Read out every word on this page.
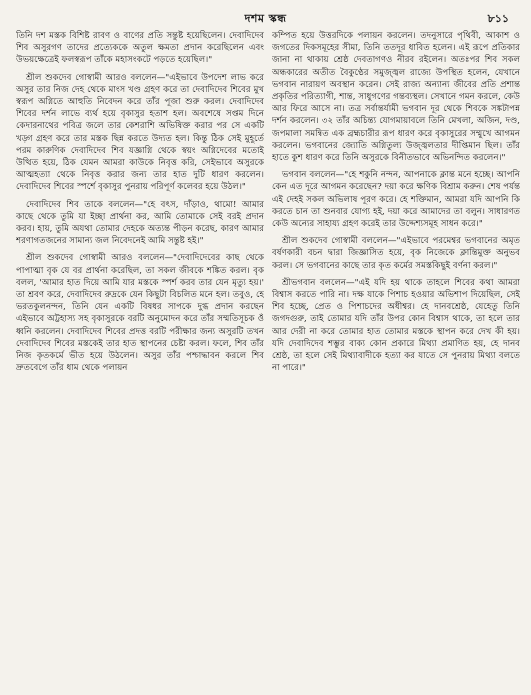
দশম স্কন্ধ	৮১১

তিনি দশ মস্তক বিশিষ্ট রাবণ ও বাণের প্রতি সন্তুষ্ট হয়েছিলেন। দেবাদিদেব শিব অসুরগণ তাদের প্রত্যেককে অতুল ক্ষমতা প্রদান করেছিলেন এবং উভয়ক্ষেত্রেই ফলস্বরূপ তাঁকে মহাসংকটে পড়তে হয়েছিল।"

শ্রীল শুকদেব গোস্বামী আরও বললেন—"এইভাবে উপদেশ লাভ করে অসুর তার নিজ দেহ থেকে মাংস খণ্ড গ্রহণ করে তা দেবাদিদেব শিবের মুখ স্বরূপ অগ্নিতে আহুতি নিবেদন করে তাঁর পূজা শুরু করল। দেবাদিদেব শিবের দর্শন লাভে ব্যর্থ হয়ে বৃকাসুর হতাশ হল। অবশেষে সপ্তম দিনে কেদারনাথের পবিত্র জলে তার কেশরাশি অভিষিক্ত করার পর সে একটি খড়্গ গ্রহণ করে তার মস্তক ছিন্ন করতে উদ্যত হল। কিন্তু ঠিক সেই মুহূর্তে পরম কারুণিক দেবাদিদেব শিব যজ্ঞাগ্নি থেকে স্বয়ং অগ্নিদেবের মতোই উত্থিত হয়ে, ঠিক যেমন আমরা কাউকে নিবৃত্ত করি, সেইভাবে অসুরকে আত্মহত্যা থেকে নিবৃত্ত করার জন্য তার হাত দুটি ধারণ করলেন। দেবাদিদেব শিবের স্পর্শে বৃকাসুর পুনরায় পরিপূর্ণ কলেবর হয়ে উঠল।"

দেবাদিদেব শিব তাকে বললেন—"হে বৎস, দাঁড়াও, থামো! আমার কাছে থেকে তুমি যা ইচ্ছা প্রার্থনা কর, আমি তোমাকে সেই বরই প্রদান করব। হায়, তুমি অযথা তোমার দেহকে অত্যন্ত পীড়ন করেছ, কারণ আমার শরণাগতজনের সামান্য জল নিবেদনেই আমি সন্তুষ্ট হই।"

শ্রীল শুকদেব গোস্বামী আরও বললেন—"দেবাদিদেবের কাছ থেকে পাপাত্মা বৃক যে বর প্রার্থনা করেছিল, তা সকল জীবকে শঙ্কিত করল। বৃক বলল, 'আমার হাত দিয়ে আমি যার মস্তকে স্পর্শ করব তার যেন মৃত্যু হয়।' তা শ্রবণ করে, দেবাদিদেব রুদ্রকে যেন কিছুটা বিচলিত মনে হল। তবুও, হে ভরতকুলনন্দন, তিনি যেন একটি বিষধর সাপকে দুগ্ধ প্রদান করছেন এইভাবে অট্টহাস্য সহ বৃকাসুরকে বরটি অনুমোদন করে তাঁর সম্মতিসূচক ওঁ ধ্বনি করলেন। দেবাদিদেব শিবের প্রদত্ত বরটি পরীক্ষার জন্য অসুরটি তখন দেবাদিদেব শিবের মস্তকেই তার হাত স্থাপনের চেষ্টা করল। ফলে, শিব তাঁর নিজ কৃতকর্মে ভীত হয়ে উঠলেন। অসুর তাঁর পশ্চাদ্ধাবন করলে শিব দ্রুতবেগে তাঁর ধাম থেকে পলায়ন

কম্পিত হয়ে উত্তরদিকে পলায়ন করলেন। তদনুসারে পৃথিবী, আকাশ ও জগতের দিকসমূহের সীমা, তিনি ততদূর ধাবিত হলেন। এই রূপে প্রতিকার জানা না থাকায় শ্রেষ্ঠ দেবতাগণও নীরব রইলেন। অতঃপর শিব সকল অন্ধকারের অতীত বৈকুণ্ঠের সমুজ্জ্বল রাজ্যে উপস্থিত হলেন, যেখানে ভগবান নারায়ণ অবস্থান করেন। সেই রাজ্য অন্যান্য জীবের প্রতি প্রশান্ত প্রকৃতির পরিত্যাগী, শান্ত, সাধুগণের গন্তব্যস্থল। সেখানে গমন করলে, কেউ আর ফিরে আসে না। তত্র সর্বান্তর্যামী ভগবান দূর থেকে শিবকে সঙ্কটাপন্ন দর্শন করলেন। ৩২ তাঁর অচিন্ত্য যোগমায়াবলে তিনি মেখলা, অজিন, দণ্ড, জপমালা সমন্বিত এক ব্রহ্মচারীর রূপ ধারণ করে বৃকাসুরের সম্মুখে আগমন করলেন। ভগবানের জ্যোতি অগ্নিতুল্য উজ্জ্বলতার দীপ্তিমান ছিল। তাঁর হাতে কুশ ধারণ করে তিনি অসুরকে বিনীতভাবে অভিনন্দিত করলেন।"

ভগবান বললেন—"হে শকুনি নন্দন, আপনাকে ক্লান্ত মনে হচ্ছে। আপনি কেন এত দূরে আগমন করেছেন? দয়া করে ক্ষণিক বিশ্রাম করুন। শেষ পর্যন্ত এই দেহই সকল অভিলাষ পূরণ করে। হে শক্তিমান, আমরা যদি আপনি কি করতে চান তা শুনবার যোগ্য হই, দয়া করে আমাদের তা বলুন। সাধারণত কেউ অন্যের সাহায্য গ্রহণ করেই তার উদ্দেশ্যসমূহ সাধন করে।"

শ্রীল শুকদেব গোস্বামী বললেন—"এইভাবে পরমেশ্বর ভগবানের অমৃত বর্ষণকারী বচন দ্বারা জিজ্ঞাসিত হয়ে, বৃক নিজেকে ক্লান্তিমুক্ত অনুভব করল। সে ভগবানের কাছে তার কৃত কর্মের সমস্তকিছুই বর্ণনা করল।"

শ্রীভগবান বললেন—"এই যদি হয় থাকে তাহলে শিবের কথা আমরা বিশ্বাস করতে পারি না। দক্ষ যাকে পিশাচ হওয়ার অভিশাপ দিয়েছিল, সেই শিব হচ্ছে, প্রেত ও পিশাচদের অধীশ্বর। হে দানবশ্রেষ্ঠ, যেহেতু তিনি জগদগুরু, তাই তোমার যদি তাঁর উপর কোন বিশ্বাস থাকে, তা হলে তার আর দেরী না করে তোমার হাত তোমার মস্তকে স্থাপন করে দেখ কী হয়। যদি দেবাদিদেব শম্ভুর বাক্য কোন প্রকারে মিথ্যা প্রমাণিত হয়, হে দানব শ্রেষ্ঠ, তা হলে সেই মিথ্যাবাদীকে হত্যা কর যাতে সে পুনরায় মিথ্যা বলতে না পারে।"
